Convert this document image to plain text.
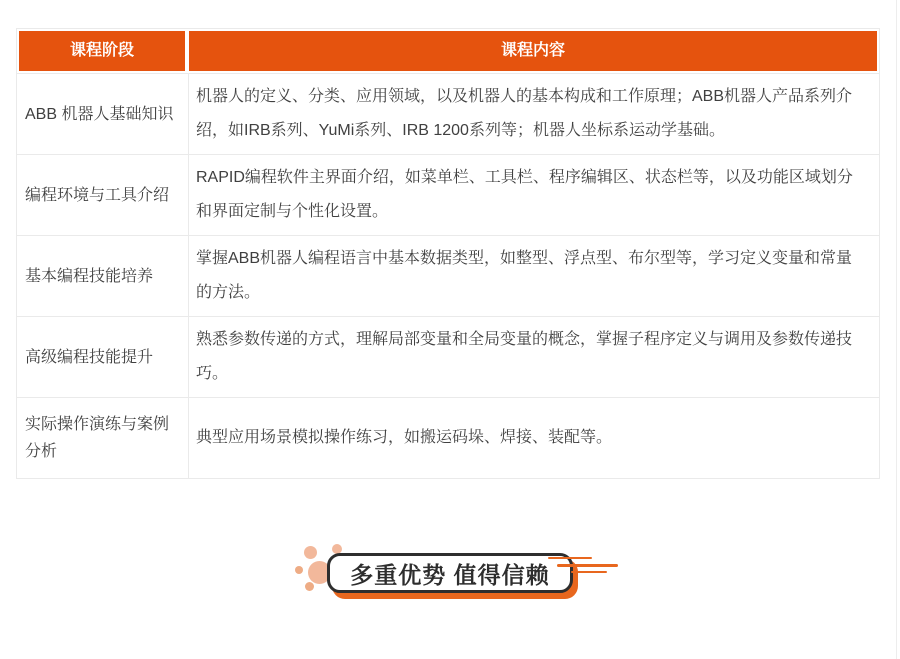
课程阶段	课程内容
ABB 机器人基础知识
机器人的定义、分类、应用领域，以及机器人的基本构成和工作原理；ABB机器人产品系列介绍，如IRB系列、YuMi系列、IRB 1200系列等；机器人坐标系运动学基础。
编程环境与工具介绍
RAPID编程软件主界面介绍，如菜单栏、工具栏、程序编辑区、状态栏等，以及功能区域划分和界面定制与个性化设置。
基本编程技能培养
掌握ABB机器人编程语言中基本数据类型，如整型、浮点型、布尔型等，学习定义变量和常量的方法。
高级编程技能提升
熟悉参数传递的方式，理解局部变量和全局变量的概念，掌握子程序定义与调用及参数传递技巧。
实际操作演练与案例分析
典型应用场景模拟操作练习，如搬运码垛、焊接、装配等。
多重优势 值得信赖
